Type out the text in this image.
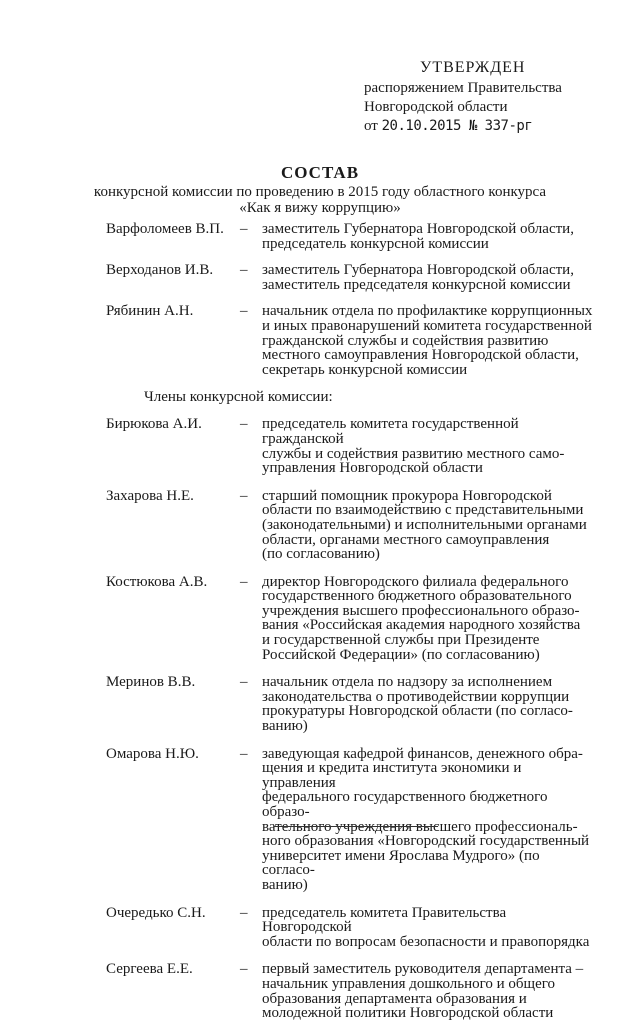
УТВЕРЖДЕН
распоряжением Правительства
Новгородской области
от 20.10.2015 № 337-рг
СОСТАВ
конкурсной комиссии по проведению в 2015 году областного конкурса
«Как я вижу коррупцию»
Варфоломеев В.П.	– заместитель Губернатора Новгородской области,
председатель конкурсной комиссии
Верходанов И.В.	– заместитель Губернатора Новгородской области,
заместитель председателя конкурсной комиссии
Рябинин А.Н.	– начальник отдела по профилактике коррупционных
и иных правонарушений комитета государственной
гражданской службы и содействия развитию
местного самоуправления Новгородской области,
секретарь конкурсной комиссии
Члены конкурсной комиссии:
Бирюкова А.И.	– председатель комитета государственной гражданской
службы и содействия развитию местного само-
управления Новгородской области
Захарова Н.Е.	– старший помощник прокурора Новгородской
области по взаимодействию с представительными
(законодательными) и исполнительными органами
области, органами местного самоуправления
(по согласованию)
Костюкова А.В.	– директор Новгородского филиала федерального
государственного бюджетного образовательного
учреждения высшего профессионального образо-
вания «Российская академия народного хозяйства
и государственной службы при Президенте
Российской Федерации» (по согласованию)
Меринов В.В.	– начальник отдела по надзору за исполнением
законодательства о противодействии коррупции
прокуратуры Новгородской области (по согласо-
ванию)
Омарова Н.Ю.	– заведующая кафедрой финансов, денежного обра-
щения и кредита института экономики и управления
федерального государственного бюджетного образо-
вательного учреждения высшего профессиональ-
ного образования «Новгородский государственный
университет имени Ярослава Мудрого» (по согласо-
ванию)
Очередько С.Н.	– председатель комитета Правительства Новгородской
области по вопросам безопасности и правопорядка
Сергеева Е.Е.	– первый заместитель руководителя департамента –
начальник управления дошкольного и общего
образования департамента образования и
молодежной политики Новгородской области
